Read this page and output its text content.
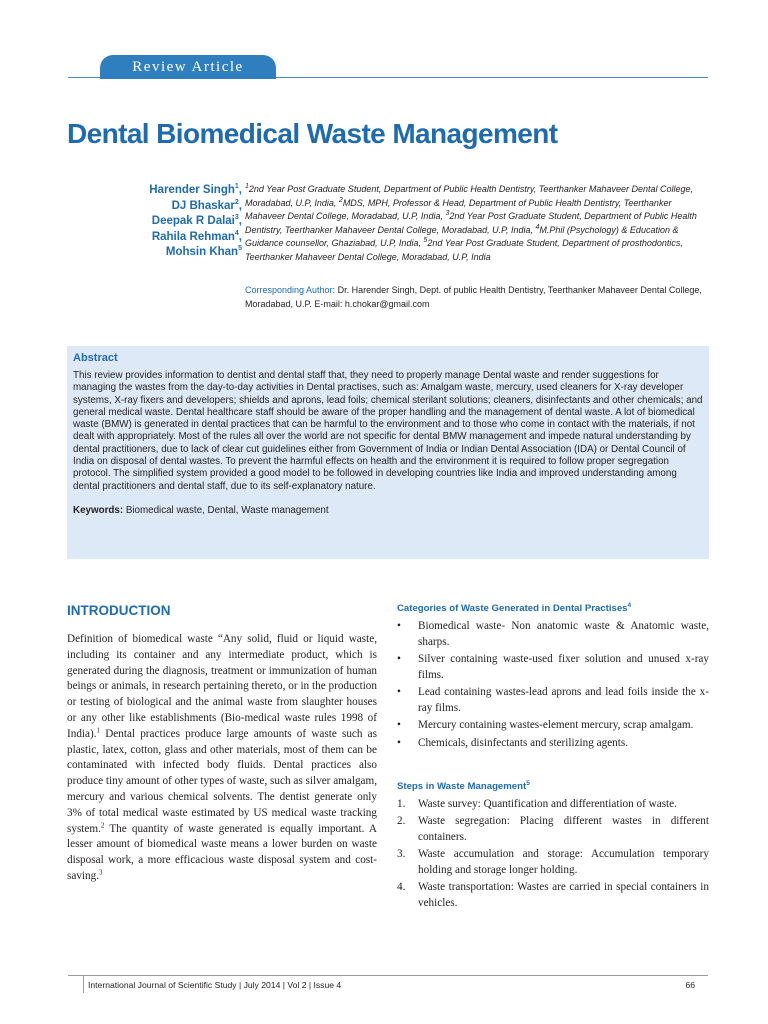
Review Article
Dental Biomedical Waste Management
Harender Singh$^1$,
DJ Bhaskar$^2$,
Deepak R Dalai$^3$,
Rahila Rehman$^4$,
Mohsin Khan$^5$
$^1$2nd Year Post Graduate Student, Department of Public Health Dentistry, Teerthanker Mahaveer Dental College, Moradabad, U.P, India, $^2$MDS, MPH, Professor & Head, Department of Public Health Dentistry, Teerthanker Mahaveer Dental College, Moradabad, U.P, India, $^3$2nd Year Post Graduate Student, Department of Public Health Dentistry, Teerthanker Mahaveer Dental College, Moradabad, U.P, India, $^4$M.Phil (Psychology) & Education & Guidance counsellor, Ghaziabad, U.P, India, $^5$2nd Year Post Graduate Student, Department of prosthodontics, Teerthanker Mahaveer Dental College, Moradabad, U.P, India
Corresponding Author: Dr. Harender Singh, Dept. of public Health Dentistry, Teerthanker Mahaveer Dental College, Moradabad, U.P. E-mail: h.chokar@gmail.com
Abstract

This review provides information to dentist and dental staff that, they need to properly manage Dental waste and render suggestions for managing the wastes from the day-to-day activities in Dental practises, such as: Amalgam waste, mercury, used cleaners for X-ray developer systems, X-ray fixers and developers; shields and aprons, lead foils; chemical sterilant solutions; cleaners, disinfectants and other chemicals; and general medical waste. Dental healthcare staff should be aware of the proper handling and the management of dental waste. A lot of biomedical waste (BMW) is generated in dental practices that can be harmful to the environment and to those who come in contact with the materials, if not dealt with appropriately. Most of the rules all over the world are not specific for dental BMW management and impede natural understanding by dental practitioners, due to lack of clear cut guidelines either from Government of India or Indian Dental Association (IDA) or Dental Council of India on disposal of dental wastes. To prevent the harmful effects on health and the environment it is required to follow proper segregation protocol. The simplified system provided a good model to be followed in developing countries like India and improved understanding among dental practitioners and dental staff, due to its self-explanatory nature.

Keywords: Biomedical waste, Dental, Waste management

INTRODUCTION

Definition of biomedical waste “Any solid, fluid or liquid waste, including its container and any intermediate product, which is generated during the diagnosis, treatment or immunization of human beings or animals, in research pertaining thereto, or in the production or testing of biological and the animal waste from slaughter houses or any other like establishments (Bio-medical waste rules 1998 of India).$^1$ Dental practices produce large amounts of waste such as plastic, latex, cotton, glass and other materials, most of them can be contaminated with infected body fluids. Dental practices also produce tiny amount of other types of waste, such as silver amalgam, mercury and various chemical solvents. The dentist generate only 3% of total medical waste estimated by US medical waste tracking system.$^2$ The quantity of waste generated is equally important. A lesser amount of biomedical waste means a lower burden on waste disposal work, a more efficacious waste disposal system and cost-saving.$^3$

Categories of Waste Generated in Dental Practises$^4$
• Biomedical waste- Non anatomic waste & Anatomic waste, sharps.
• Silver containing waste-used fixer solution and unused x-ray films.
• Lead containing wastes-lead aprons and lead foils inside the x-ray films.
• Mercury containing wastes-element mercury, scrap amalgam.
• Chemicals, disinfectants and sterilizing agents.
Steps in Waste Management$^5$
1. Waste survey: Quantification and differentiation of waste.
2. Waste segregation: Placing different wastes in different containers.
3. Waste accumulation and storage: Accumulation temporary holding and storage longer holding.
4. Waste transportation: Wastes are carried in special containers in vehicles.
International Journal of Scientific Study | July 2014 | Vol 2 | Issue 4	66
